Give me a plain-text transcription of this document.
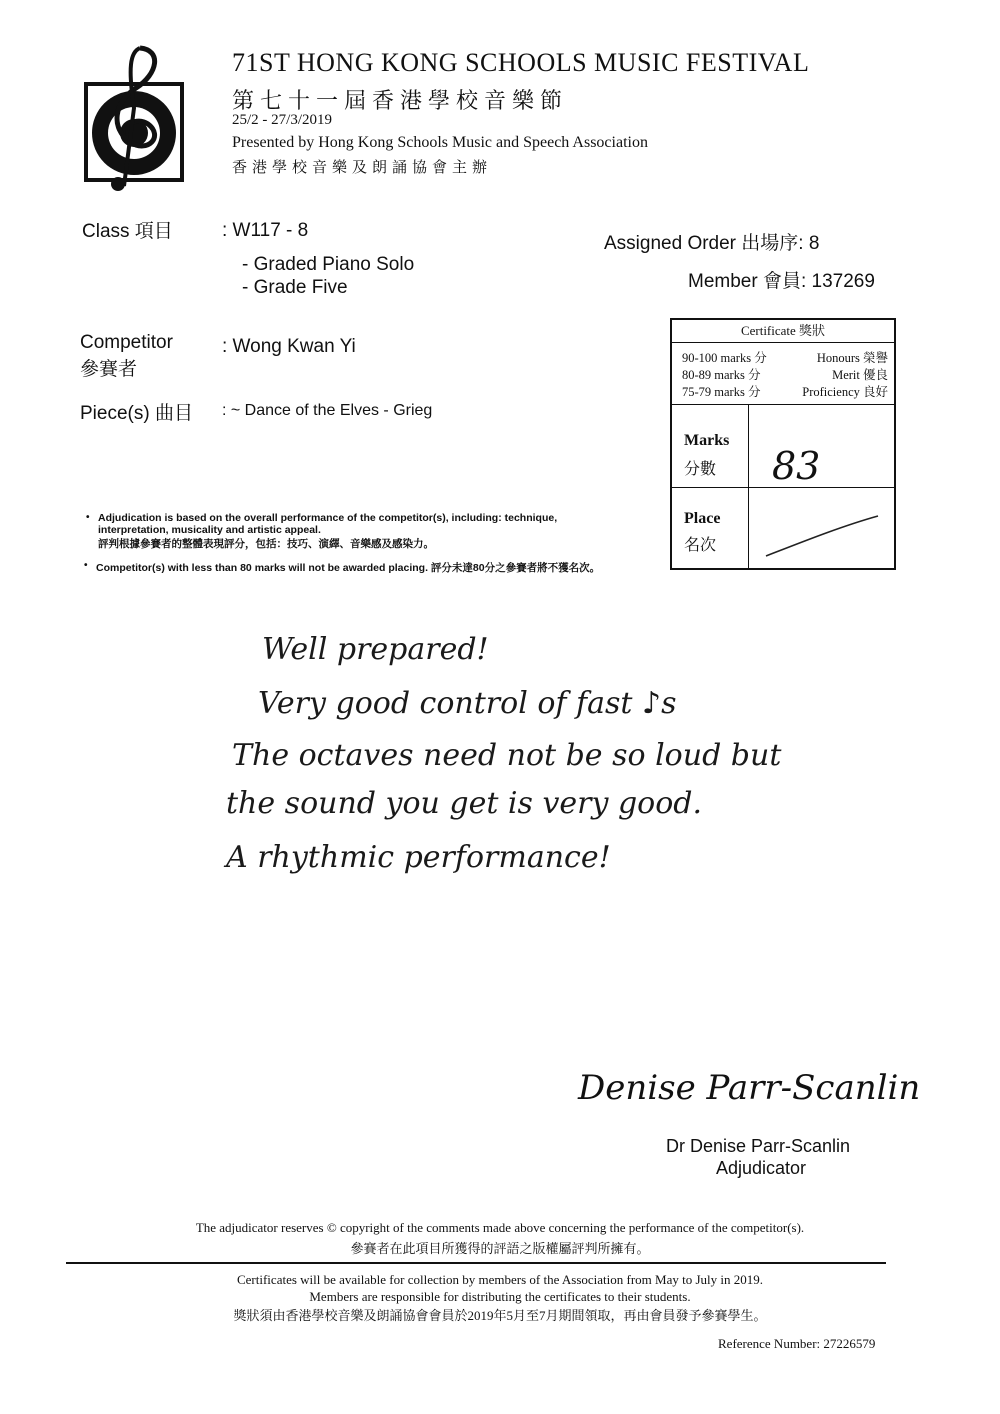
71ST HONG KONG SCHOOLS MUSIC FESTIVAL
第七十一屆香港學校音樂節
25/2 - 27/3/2019
Presented by Hong Kong Schools Music and Speech Association
香港學校音樂及朗誦協會主辦
Class 項目	: W117 - 8
- Graded Piano Solo
- Grade Five
Assigned Order 出場序: 8
Member 會員: 137269
Competitor
參賽者
: Wong Kwan Yi
Piece(s) 曲目 : ~ Dance of the Elves - Grieg
Certificate 獎狀
90-100 marks 分	Honours 榮譽
80-89 marks 分	Merit 優良
75-79 marks 分	Proficiency 良好
Marks
分數 83
Place
名次
• Adjudication is based on the overall performance of the competitor(s), including: technique,
interpretation, musicality and artistic appeal.
評判根據參賽者的整體表現評分，包括：技巧、演繹、音樂感及感染力。
• Competitor(s) with less than 80 marks will not be awarded placing. 評分未達80分之參賽者將不獲名次。
Well prepared!
Very good control of fast ♪s
The octaves need not be so loud but
the sound you get is very good.
A rhythmic performance!
Denise Parr-Scanlin
Dr Denise Parr-Scanlin
Adjudicator
The adjudicator reserves © copyright of the comments made above concerning the performance of the competitor(s).
參賽者在此項目所獲得的評語之版權屬評判所擁有。
Certificates will be available for collection by members of the Association from May to July in 2019.
Members are responsible for distributing the certificates to their students.
獎狀須由香港學校音樂及朗誦協會會員於2019年5月至7月期間領取，再由會員發予參賽學生。
Reference Number: 27226579
